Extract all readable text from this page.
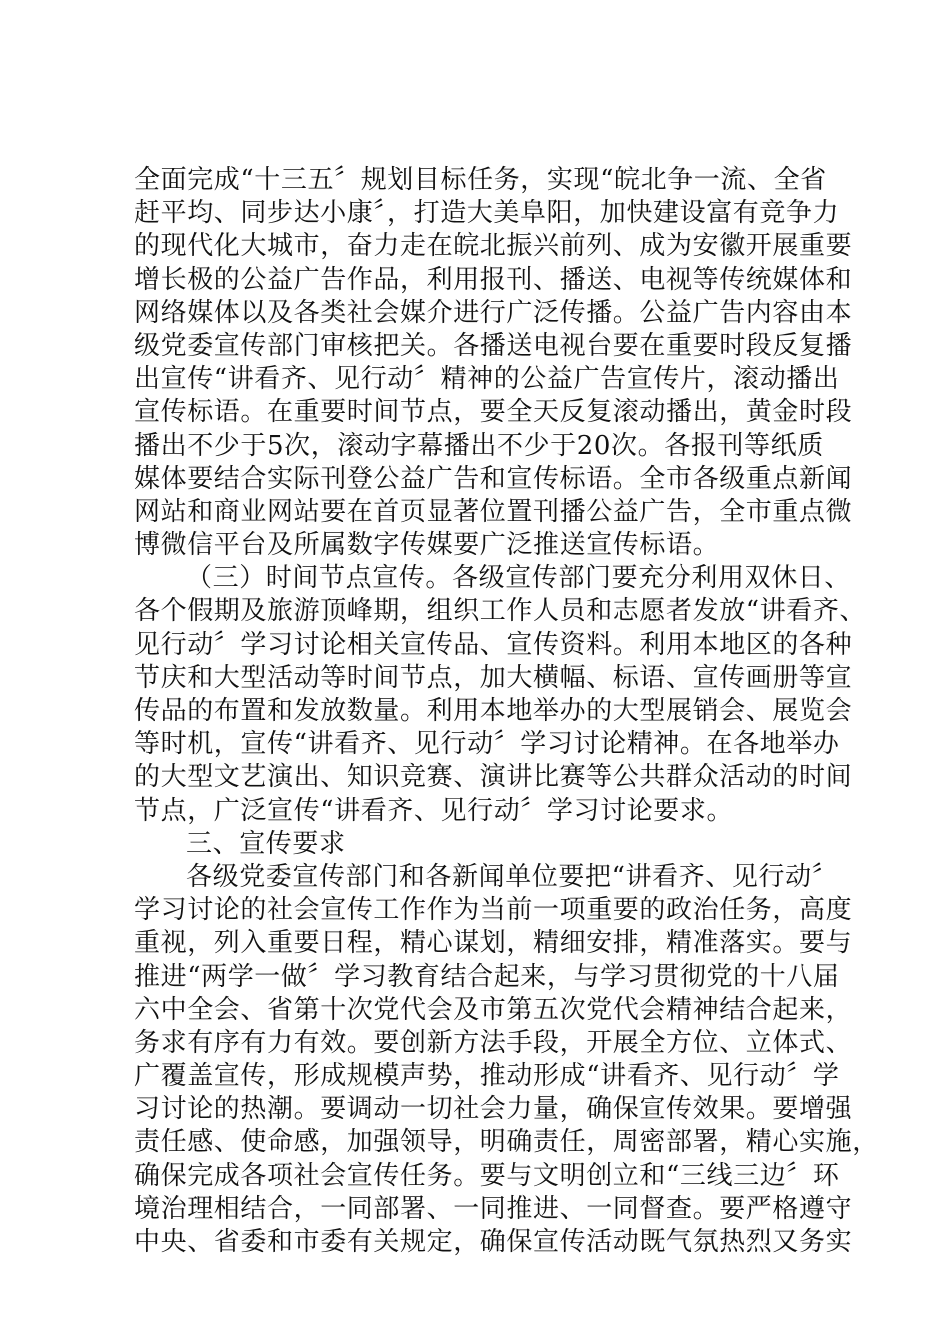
全面完成“十三五〞规划目标任务，实现“皖北争一流、全省
赶平均、同步达小康〞，打造大美阜阳，加快建设富有竞争力
的现代化大城市，奋力走在皖北振兴前列、成为安徽开展重要
增长极的公益广告作品，利用报刊、播送、电视等传统媒体和
网络媒体以及各类社会媒介进行广泛传播。公益广告内容由本
级党委宣传部门审核把关。各播送电视台要在重要时段反复播
出宣传“讲看齐、见行动〞精神的公益广告宣传片，滚动播出
宣传标语。在重要时间节点，要全天反复滚动播出，黄金时段
播出不少于5次，滚动字幕播出不少于20次。各报刊等纸质
媒体要结合实际刊登公益广告和宣传标语。全市各级重点新闻
网站和商业网站要在首页显著位置刊播公益广告，全市重点微
博微信平台及所属数字传媒要广泛推送宣传标语。
（三）时间节点宣传。各级宣传部门要充分利用双休日、
各个假期及旅游顶峰期，组织工作人员和志愿者发放“讲看齐、
见行动〞学习讨论相关宣传品、宣传资料。利用本地区的各种
节庆和大型活动等时间节点，加大横幅、标语、宣传画册等宣
传品的布置和发放数量。利用本地举办的大型展销会、展览会
等时机，宣传“讲看齐、见行动〞学习讨论精神。在各地举办
的大型文艺演出、知识竞赛、演讲比赛等公共群众活动的时间
节点，广泛宣传“讲看齐、见行动〞学习讨论要求。
三、宣传要求
各级党委宣传部门和各新闻单位要把“讲看齐、见行动〞
学习讨论的社会宣传工作作为当前一项重要的政治任务，高度
重视，列入重要日程，精心谋划，精细安排，精准落实。要与
推进“两学一做〞学习教育结合起来，与学习贯彻党的十八届
六中全会、省第十次党代会及市第五次党代会精神结合起来，
务求有序有力有效。要创新方法手段，开展全方位、立体式、
广覆盖宣传，形成规模声势，推动形成“讲看齐、见行动〞学
习讨论的热潮。要调动一切社会力量，确保宣传效果。要增强
责任感、使命感，加强领导，明确责任，周密部署，精心实施，
确保完成各项社会宣传任务。要与文明创立和“三线三边〞环
境治理相结合，一同部署、一同推进、一同督查。要严格遵守
中央、省委和市委有关规定，确保宣传活动既气氛热烈又务实
